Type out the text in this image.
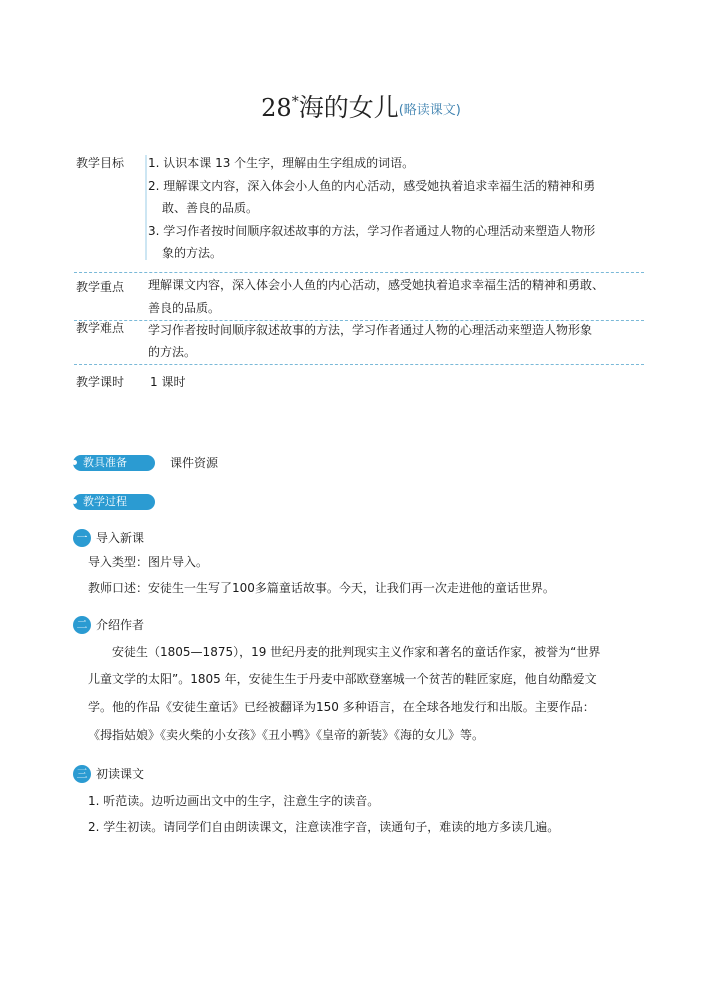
28*海的女儿(略读课文)
教学目标	1. 认识本课 13 个生字，理解由生字组成的词语。
2. 理解课文内容，深入体会小人鱼的内心活动，感受她执着追求幸福生活的精神和勇
敢、善良的品质。
3. 学习作者按时间顺序叙述故事的方法，学习作者通过人物的心理活动来塑造人物形
象的方法。
教学重点	理解课文内容，深入体会小人鱼的内心活动，感受她执着追求幸福生活的精神和勇敢、
善良的品质。
教学难点	学习作者按时间顺序叙述故事的方法，学习作者通过人物的心理活动来塑造人物形象
的方法。
教学课时	1 课时
教具准备	课件资源
教学过程
一 导入新课
导入类型：图片导入。
教师口述：安徒生一生写了100多篇童话故事。今天，让我们再一次走进他的童话世界。
二 介绍作者
　　安徒生（1805—1875），19 世纪丹麦的批判现实主义作家和著名的童话作家，被誉为“世界
儿童文学的太阳”。1805 年，安徒生生于丹麦中部欧登塞城一个贫苦的鞋匠家庭，他自幼酷爱文
学。他的作品《安徒生童话》已经被翻译为150 多种语言，在全球各地发行和出版。主要作品：
《拇指姑娘》《卖火柴的小女孩》《丑小鸭》《皇帝的新装》《海的女儿》等。
三 初读课文
1. 听范读。边听边画出文中的生字，注意生字的读音。
2. 学生初读。请同学们自由朗读课文，注意读准字音，读通句子，难读的地方多读几遍。
